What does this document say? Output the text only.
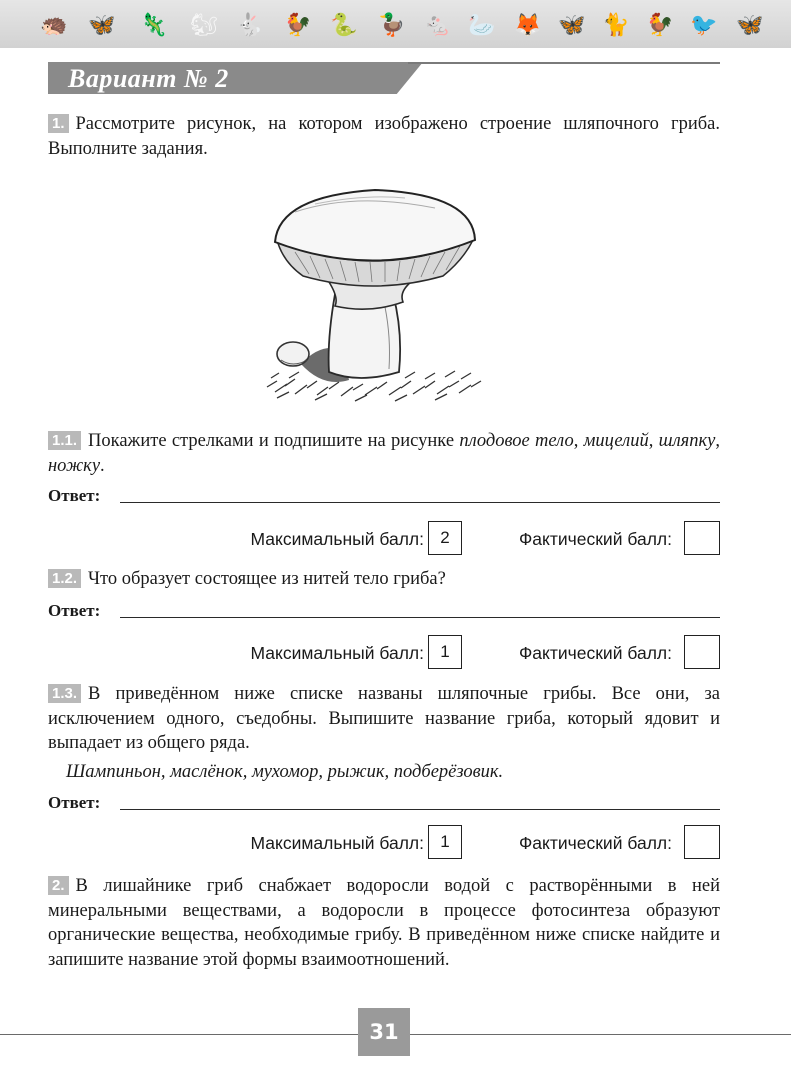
🦔 🦋 🦎 🐿 🐇 🐓 🐍 🦆 🐁 🦢 🦊 🦋 🐈 🐓 🐦 🦋
Вариант № 2
1. Рассмотрите рисунок, на котором изображено строение шляпочного гриба. Выполните задания.
1.1. Покажите стрелками и подпишите на рисунке плодовое тело, мицелий, шляпку, ножку.
Ответ:
Максимальный балл: 2	Фактический балл:
1.2. Что образует состоящее из нитей тело гриба?
Ответ:
Максимальный балл: 1	Фактический балл:
1.3. В приведённом ниже списке названы шляпочные грибы. Все они, за исключением одного, съедобны. Выпишите название гриба, который ядовит и выпадает из общего ряда.
Шампиньон, маслёнок, мухомор, рыжик, подберёзовик.
Ответ:
Максимальный балл: 1	Фактический балл:
2. В лишайнике гриб снабжает водоросли водой с растворёнными в ней минеральными веществами, а водоросли в процессе фотосинтеза образуют органические вещества, необходимые грибу. В приведённом ниже списке найдите и запишите название этой формы взаимоотношений.
31
